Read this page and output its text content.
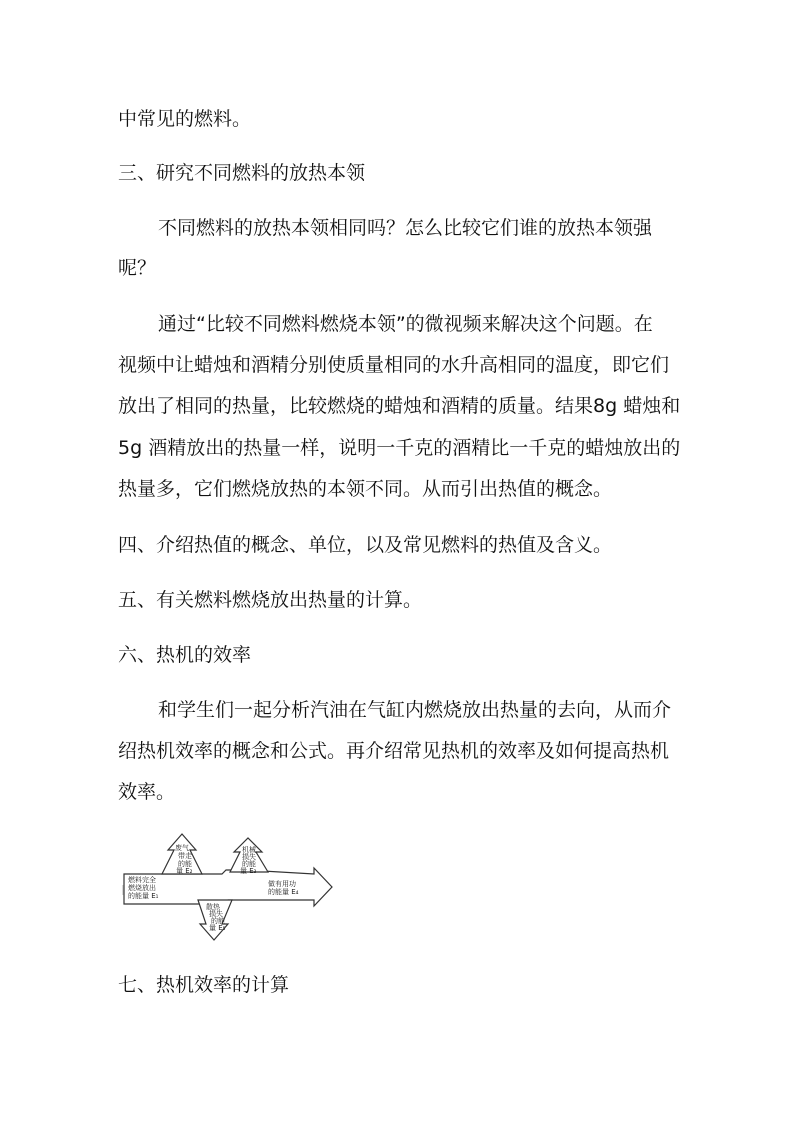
中常见的燃料。
三、研究不同燃料的放热本领
不同燃料的放热本领相同吗？怎么比较它们谁的放热本领强
呢？
通过“比较不同燃料燃烧本领”的微视频来解决这个问题。在
视频中让蜡烛和酒精分别使质量相同的水升高相同的温度，即它们
放出了相同的热量，比较燃烧的蜡烛和酒精的质量。结果8g 蜡烛和
5g 酒精放出的热量一样，说明一千克的酒精比一千克的蜡烛放出的
热量多，它们燃烧放热的本领不同。从而引出热值的概念。
四、介绍热值的概念、单位，以及常见燃料的热值及含义。
五、有关燃料燃烧放出热量的计算。
六、热机的效率
和学生们一起分析汽油在气缸内燃烧放出热量的去向，从而介
绍热机效率的概念和公式。再介绍常见热机的效率及如何提高热机
效率。
燃料完全
燃烧放出
的能量 E₁
废气
带走
的能
量 E₂
机械
损失
的能
量 E₃
做有用功
的能量 E₄
散热
损失
的能
量 E₅
七、热机效率的计算
